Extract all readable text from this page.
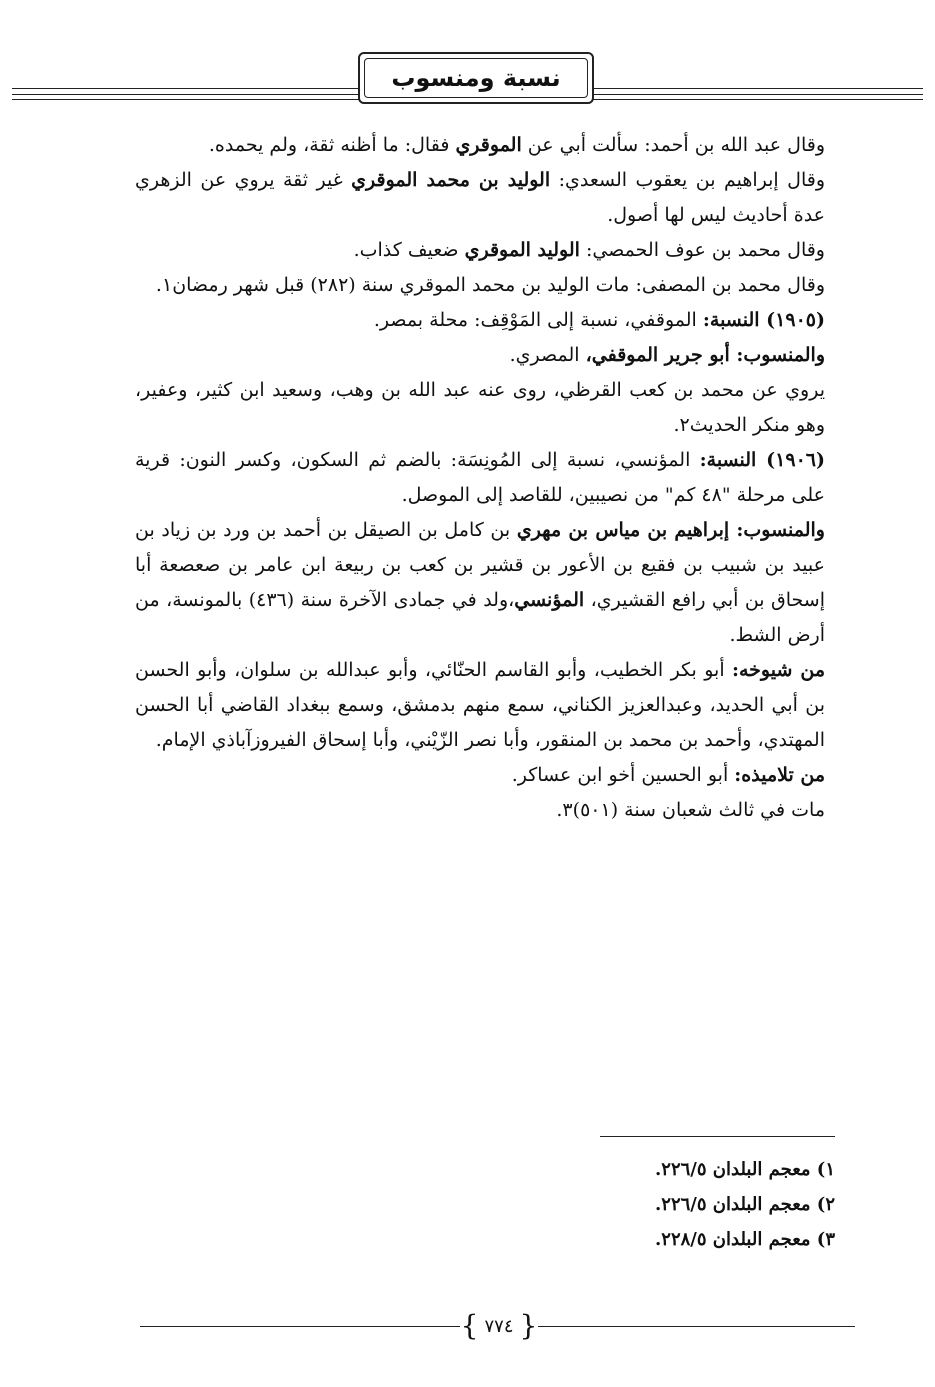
نسبة ومنسوب

وقال عبد الله بن أحمد: سألت أبي عن الموقري فقال: ما أظنه ثقة، ولم يحمده.

وقال إبراهيم بن يعقوب السعدي: الوليد بن محمد الموقري غير ثقة يروي عن الزهري عدة أحاديث ليس لها أصول.

وقال محمد بن عوف الحمصي: الوليد الموقري ضعيف كذاب.

وقال محمد بن المصفى: مات الوليد بن محمد الموقري سنة (٢٨٢) قبل شهر رمضان١.

(١٩٠٥) النسبة: الموقفي، نسبة إلى المَوْقِف: محلة بمصر.

والمنسوب: أبو جرير الموقفي، المصري.

يروي عن محمد بن كعب القرظي، روى عنه عبد الله بن وهب، وسعيد ابن كثير، وعفير، وهو منكر الحديث٢.

(١٩٠٦) النسبة: المؤنسي، نسبة إلى المُونِسَة: بالضم ثم السكون، وكسر النون: قرية على مرحلة "٤٨ كم" من نصيبين، للقاصد إلى الموصل.

والمنسوب: إبراهيم بن مياس بن مهري بن كامل بن الصيقل بن أحمد بن ورد بن زياد بن عبيد بن شبيب بن فقيع بن الأعور بن قشير بن كعب بن ربيعة ابن عامر بن صعصعة أبا إسحاق بن أبي رافع القشيري، المؤنسي،ولد في جمادى الآخرة سنة (٤٣٦) بالمونسة، من أرض الشط.

من شيوخه: أبو بكر الخطيب، وأبو القاسم الحنّائي، وأبو عبدالله بن سلوان، وأبو الحسن بن أبي الحديد، وعبدالعزيز الكناني، سمع منهم بدمشق، وسمع ببغداد القاضي أبا الحسن المهتدي، وأحمد بن محمد بن المنقور، وأبا نصر الزّيْني، وأبا إسحاق الفيروزآباذي الإمام.

من تلاميذه: أبو الحسين أخو ابن عساكر.

مات في ثالث شعبان سنة (٥٠١)٣.

١) معجم البلدان ٢٢٦/٥.
٢) معجم البلدان ٢٢٦/٥.
٣) معجم البلدان ٢٢٨/٥.
{ ٧٧٤ }
